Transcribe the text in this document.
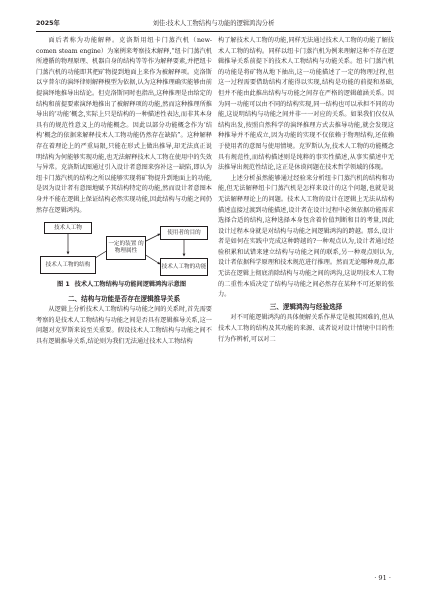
2025年	刘佳:技术人工物结构与功能的逻辑鸿沟分析

面后者称为功能解释。克洛斯用纽卡门蒸汽机（new-comen steam engine）为案例来考察技术解释,“纽卡门蒸汽机所遵循的物理原理、机器自身的结构等等作为解释要素,并把纽卡门蒸汽机的功能即其把矿物提到地面上来作为被解释项。克洛斯以亨普尔的演绎律则解释模型为依据,认为这种推理确实能够由前提演绎地推导出结论。但克洛斯同时也指出,这种推理是由给定的结构和前提要素演绎地推出了被解释项的功能,然而这种推理所推导出的‘功能’概念,实际上只是结构的一种描述性表达,而非其本身具有的规范性意义上的功能概念。因此以部分功能概念作为‘结构’概念的依据来解释技术人工物功能仍然存在缺陷”。这种解释存在着理论上的严重局限,只能在形式上做出推导,却无法真正说明结构为何能够实现功能,也无法解释技术人工物在使用中的失效与异常。克洛斯试图通过引入设计者意图来弥补这一缺陷,即认为纽卡门蒸汽机的结构之所以能够实现将矿物提升到地面上的功能,是因为设计者有意图地赋予其结构特定的功能,然而设计者意图本身并不能在逻辑上保证结构必然实现功能,因此结构与功能之间仍然存在逻辑鸿沟。

技术人工物
技术人工物的结构
一定的装置 的物理属性
使用者的目的
技术人工物的功能
图 1 技术人工物结构与功能间逻辑鸿沟示意图
二、结构与功能是否存在逻辑推导关系

从逻辑上分析技术人工物结构与功能之间的关系时,首先需要考察的是技术人工物结构与功能之间是否具有逻辑推导关系,这一问题对克罗斯来说至关重要。假设技术人工物结构与功能之间不具有逻辑推导关系,结论则为我们无法通过技术人工物结构

构了解技术人工物的功能,同样无法通过技术人工物的功能了解技术人工物的结构。同样以纽卡门蒸汽机为例来理解这种不存在逻辑推导关系前提下的技术人工物结构与功能关系。纽卡门蒸汽机的功能是将矿物从地下抽出,这一功能描述了一定的物理过程,但这一过程需要借助结构才能得以实现,结构是功能的前提和基础,但并不能由此推出结构与功能之间存在严格的逻辑蕴涵关系。因为同一功能可以由不同的结构实现,同一结构也可以承担不同的功能,这说明结构与功能之间并非一一对应的关系。如果我们仅仅从结构出发,按照自然科学的演绎推理方式去推导功能,就会发现这种推导并不能成立,因为功能的实现不仅依赖于物理结构,还依赖于使用者的意图与使用情境。克罗斯认为,技术人工物的功能概念具有规范性,而结构描述则是纯粹的事实性描述,从事实描述中无法推导出规范性结论,这正是休谟问题在技术哲学领域的体现。

上述分析虽然能够通过经验来分析纽卡门蒸汽机的结构和功能,但无法解释纽卡门蒸汽机是怎样来设计的这个问题,也就是说无法解释理论上的问题。技术人工物的设计在逻辑上无法从结构描述直接过渡到功能描述,设计者在设计过程中必须依据功能需求选择合适的结构,这种选择本身包含着价值判断和目的考量,因此设计过程本身就是对结构与功能之间逻辑鸿沟的跨越。那么,设计者是如何在实践中完成这种跨越的?一种观点认为,设计者通过经验积累和试错来建立结构与功能之间的联系,另一种观点则认为,设计者依据科学原理和技术规范进行推理。然而无论哪种观点,都无法在逻辑上彻底消除结构与功能之间的鸿沟,这说明技术人工物的二重性本质决定了结构与功能之间必然存在某种不可还原的张力。

三、逻辑鸿沟与经验选择

对不可能逻辑鸿沟的具体便解关系作界定是极其困难的,但从技术人工物的结构及其功能的来源、或者说对设计情境中目的性行为作辨析,可以对二

· 91 ·
